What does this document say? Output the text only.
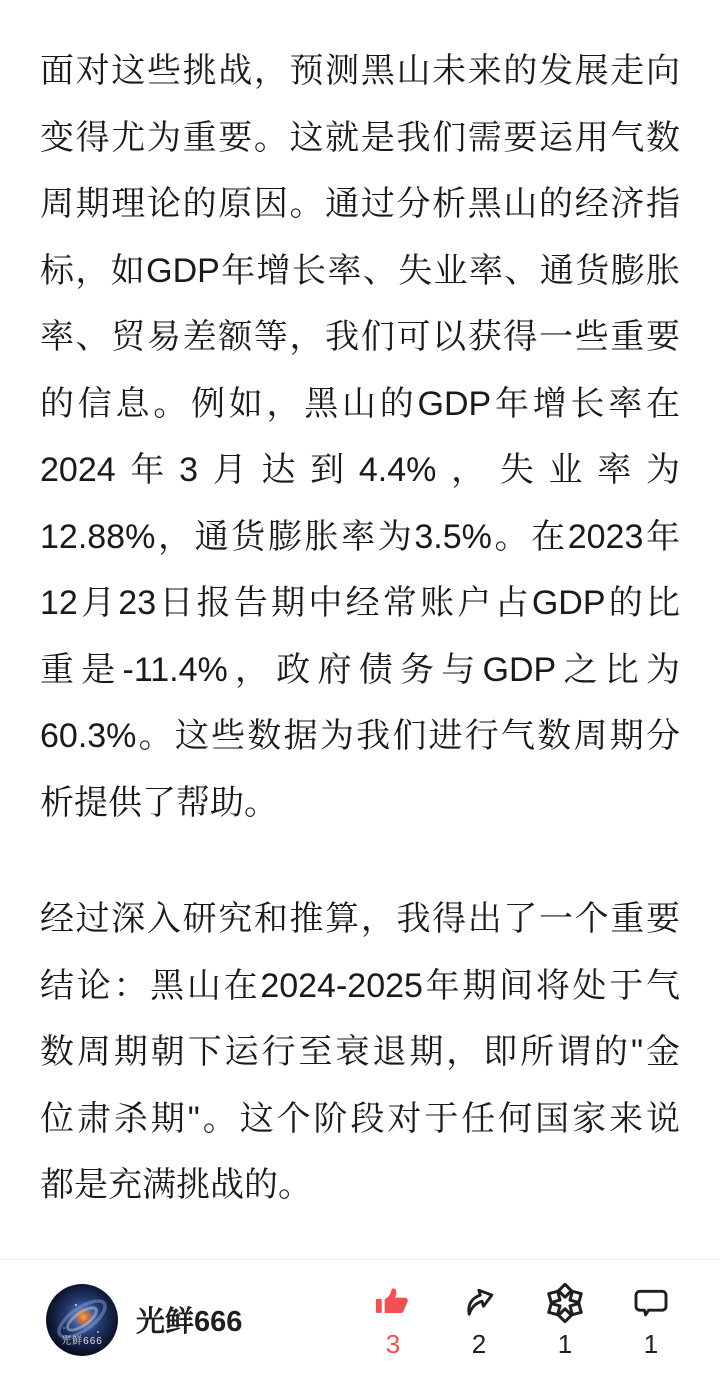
面对这些挑战，预测黑山未来的发展走向
变得尤为重要。这就是我们需要运用气数
周期理论的原因。通过分析黑山的经济指
标，如GDP年增长率、失业率、通货膨胀
率、贸易差额等，我们可以获得一些重要
的信息。例如，黑山的GDP年增长率在
2024年3月达到4.4%，失业率为
12.88%，通货膨胀率为3.5%。在2023年
12月23日报告期中经常账户占GDP的比
重是-11.4%，政府债务与GDP之比为
60.3%。这些数据为我们进行气数周期分
析提供了帮助。
经过深入研究和推算，我得出了一个重要
结论：黑山在2024-2025年期间将处于气
数周期朝下运行至衰退期，即所谓的"金
位肃杀期"。这个阶段对于任何国家来说
都是充满挑战的。
光鲜666
光鲜666
3	2	1	1
